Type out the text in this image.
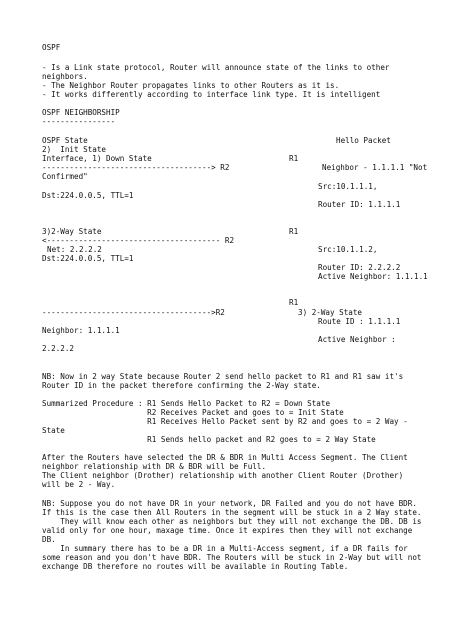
OSPF
- Is a Link state protocol, Router will announce state of the links to other
neighbors.
- The Neighbor Router propagates links to other Routers as it is.
- It works differently according to interface link type. It is intelligent
OSPF NEIGHBORSHIP
----------------
OSPF State	Hello Packet
2)  Init State
Interface, 1) Down State	R1
-------------------------------------> R2	Neighbor - 1.1.1.1 "Not
Confirmed"
Src:10.1.1.1,
Dst:224.0.0.5, TTL=1
Router ID: 1.1.1.1
3)2-Way State	R1
<-------------------------------------- R2
Net: 2.2.2.2	Src:10.1.1.2,
Dst:224.0.0.5, TTL=1
Router ID: 2.2.2.2
Active Neighbor: 1.1.1.1
R1
------------------------------------->R2	3) 2-Way State
Route ID : 1.1.1.1
Neighbor: 1.1.1.1
Active Neighbor :
2.2.2.2
NB: Now in 2 way State because Router 2 send hello packet to R1 and R1 saw it's
Router ID in the packet therefore confirming the 2-Way state.
Summarized Procedure : R1 Sends Hello Packet to R2 = Down State
R2 Receives Packet and goes to = Init State
R1 Receives Hello Packet sent by R2 and goes to = 2 Way -
State
R1 Sends hello packet and R2 goes to = 2 Way State
After the Routers have selected the DR & BDR in Multi Access Segment. The Client
neighbor relationship with DR & BDR will be Full.
The Client neighbor (Drother) relationship with another Client Router (Drother)
will be 2 - Way.
NB: Suppose you do not have DR in your network, DR Failed and you do not have BDR.
If this is the case then All Routers in the segment will be stuck in a 2 Way state.
They will know each other as neighbors but they will not exchange the DB. DB is
valid only for one hour, maxage time. Once it expires then they will not exchange
DB.
In summary there has to be a DR in a Multi-Access segment, if a DR fails for
some reason and you don't have BDR. The Routers will be stuck in 2-Way but will not
exchange DB therefore no routes will be available in Routing Table.
